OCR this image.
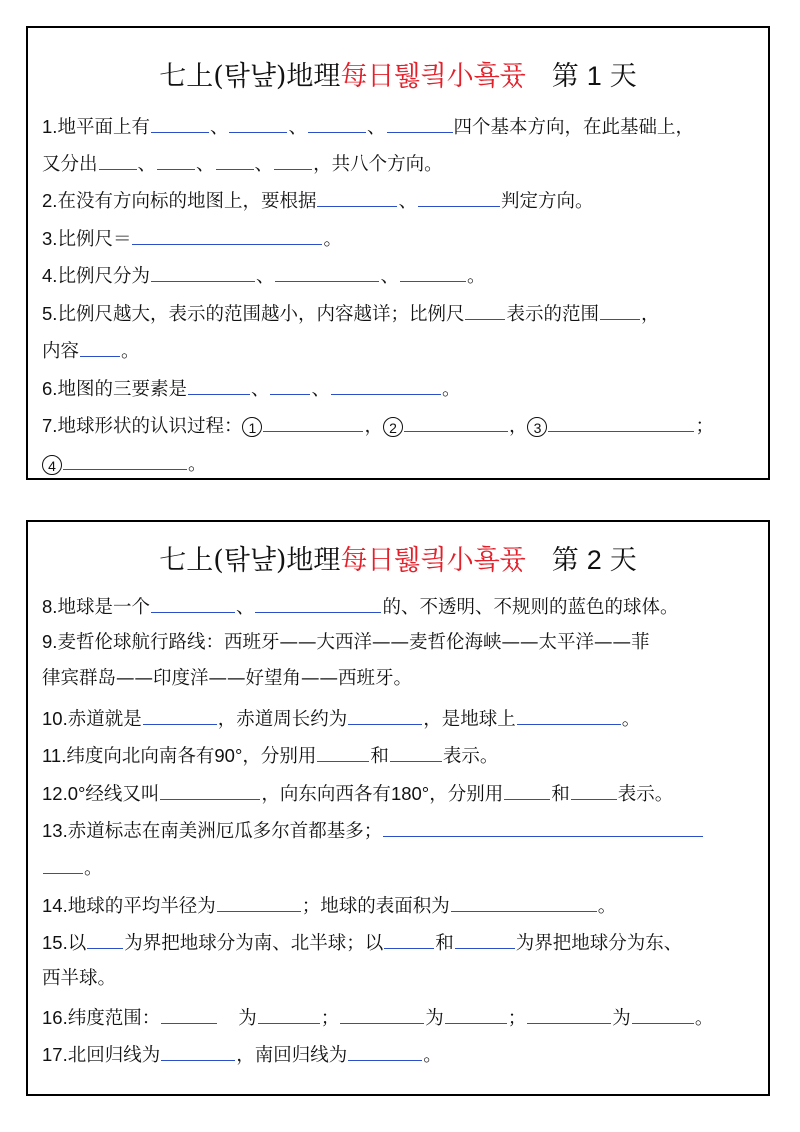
七上(탂냪)地理每日퉳킠小훀퓼 第 1 天
1.地平面上有	、	、	、	四个基本方向，在此基础上，
又分出 、 、 、 ，共八个方向。
2.在没有方向标的地图上，要根据	、	判定方向。
3.比例尺＝	。
4.比例尺分为	、	、	。
5.比例尺越大，表示的范围越小，内容越详；比例尺 表示的范围 ，
内容 。
6.地图的三要素是	、 、	。
7.地球形状的认识过程： 1	， 2	， 3	；
4	。
七上(탂냪)地理每日퉳킠小훀퓼 第 2 天
8.地球是一个	、	的、不透明、不规则的蓝色的球体。
9.麦哲伦球航行路线：西班牙——大西洋——麦哲伦海峡——太平洋——菲
律宾群岛——印度洋——好望角——西班牙。
10.赤道就是	，赤道周长约为	，是地球上	。
11.纬度向北向南各有90°，分别用	和	表示。
12.0°经线又叫	，向东向西各有180°，分别用	和	表示。
13.赤道标志在南美洲厄瓜多尔首都基多；
。
14.地球的平均半径为	；地球的表面积为	。
15.以 为界把地球分为南、北半球；以	和	为界把地球分为东、
西半球。
16.纬度范围：	为	；	为	；	为	。
17.北回归线为	，南回归线为	。
